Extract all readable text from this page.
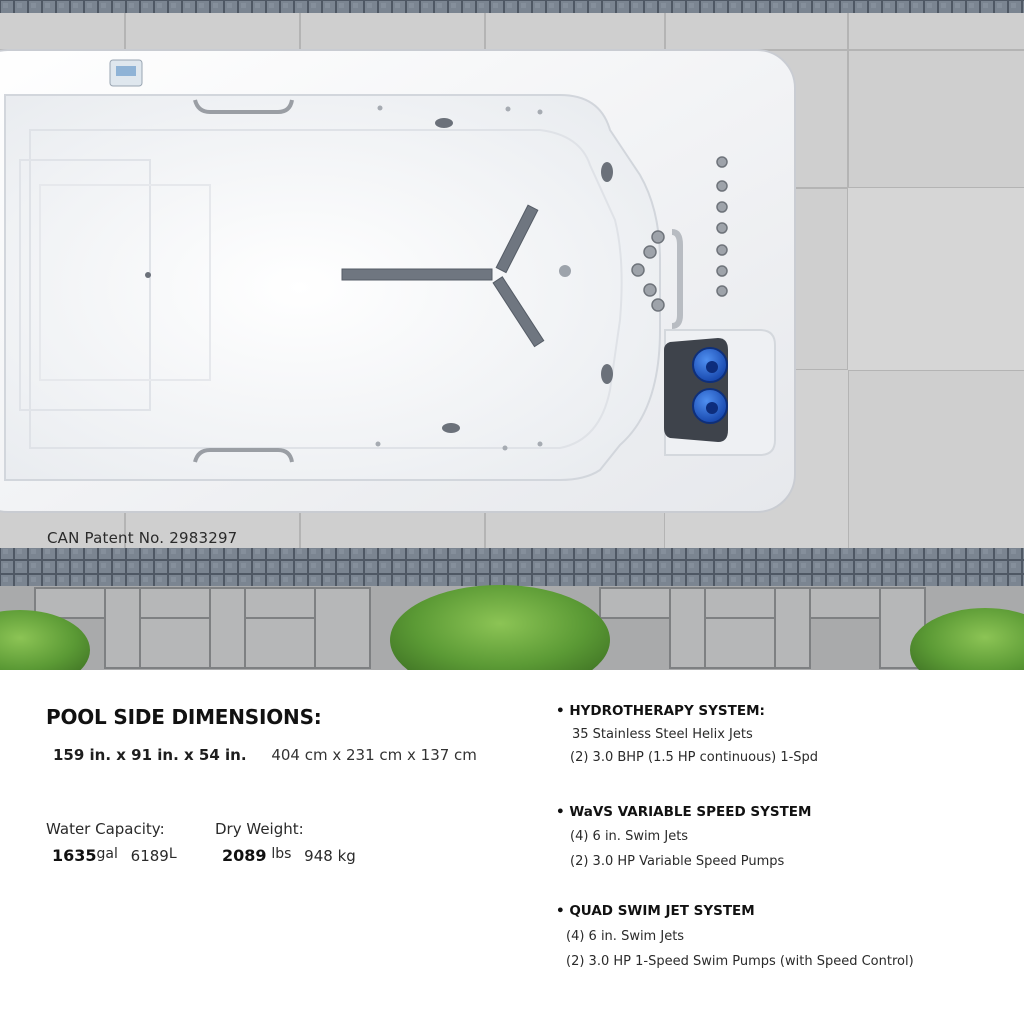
CAN Patent No. 2983297
POOL SIDE DIMENSIONS:
159 in. x 91 in. x 54 in. 404 cm x 231 cm x 137 cm
Water Capacity:
1635gal 6189L
Dry Weight:
2089 lbs 948 kg
• HYDROTHERAPY SYSTEM:
35 Stainless Steel Helix Jets
(2) 3.0 BHP (1.5 HP continuous) 1-Spd
• WaVS VARIABLE SPEED SYSTEM
(4) 6 in. Swim Jets
(2) 3.0 HP Variable Speed Pumps
• QUAD SWIM JET SYSTEM
(4) 6 in. Swim Jets
(2) 3.0 HP 1-Speed Swim Pumps (with Speed Control)
